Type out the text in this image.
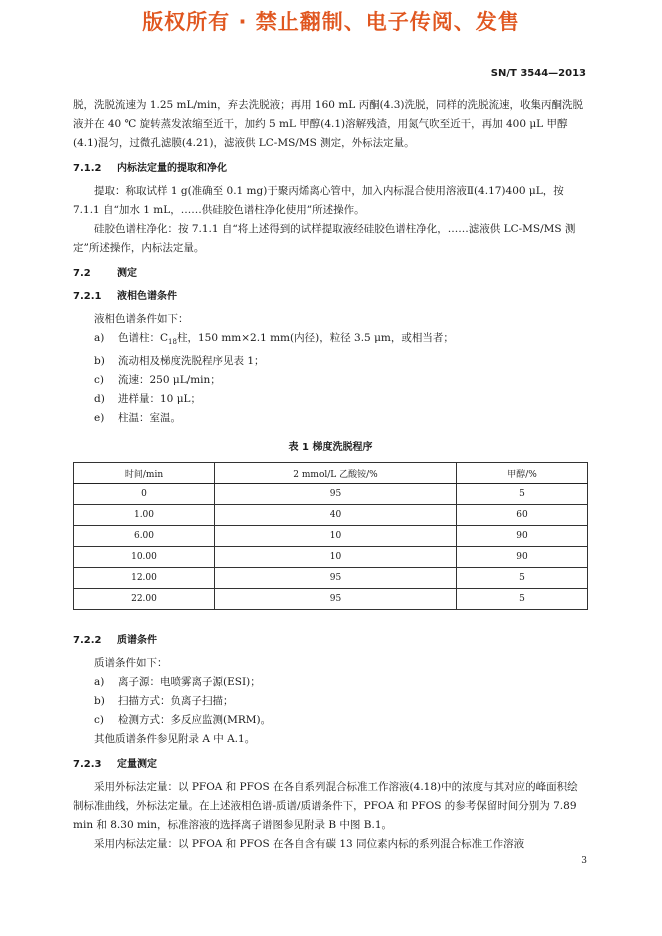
版权所有 · 禁止翻制、电子传阅、发售
SN/T 3544—2013

脱，洗脱流速为 1.25 mL/min，弃去洗脱液；再用 160 mL 丙酮(4.3)洗脱，同样的洗脱流速，收集丙酮洗脱液并在 40 ℃ 旋转蒸发浓缩至近干，加约 5 mL 甲醇(4.1)溶解残渣，用氮气吹至近干，再加 400 μL 甲醇(4.1)混匀，过微孔滤膜(4.21)，滤液供 LC-MS/MS 测定，外标法定量。

7.1.2 内标法定量的提取和净化

提取：称取试样 1 g(准确至 0.1 mg)于聚丙烯离心管中，加入内标混合使用溶液Ⅱ(4.17)400 μL，按 7.1.1 自“加水 1 mL，……供硅胶色谱柱净化使用”所述操作。

硅胶色谱柱净化：按 7.1.1 自“将上述得到的试样提取液经硅胶色谱柱净化，……滤液供 LC-MS/MS 测定”所述操作，内标法定量。

7.2	测定
7.2.1 液相色谱条件

液相色谱条件如下：

a)	色谱柱：$C_{18}$柱，150 mm×2.1 mm(内径)，粒径 3.5 μm，或相当者；
b)	流动相及梯度洗脱程序见表 1；
c)	流速：250 μL/min；
d)	进样量：10 μL；
e)	柱温：室温。
表 1 梯度洗脱程序
时间/min	2 mmol/L 乙酸铵/%	甲醇/%
0	95	5
1.00	40	60
6.00	10	90
10.00	10	90
12.00	95	5
22.00	95	5
7.2.2 质谱条件

质谱条件如下：

a)	离子源：电喷雾离子源(ESI)；
b)	扫描方式：负离子扫描；
c)	检测方式：多反应监测(MRM)。

其他质谱条件参见附录 A 中 A.1。

7.2.3 定量测定

采用外标法定量：以 PFOA 和 PFOS 在各自系列混合标准工作溶液(4.18)中的浓度与其对应的峰面积绘制标准曲线，外标法定量。在上述液相色谱-质谱/质谱条件下，PFOA 和 PFOS 的参考保留时间分别为 7.89 min 和 8.30 min，标准溶液的选择离子谱图参见附录 B 中图 B.1。

采用内标法定量：以 PFOA 和 PFOS 在各自含有碳 13 同位素内标的系列混合标准工作溶液

3
